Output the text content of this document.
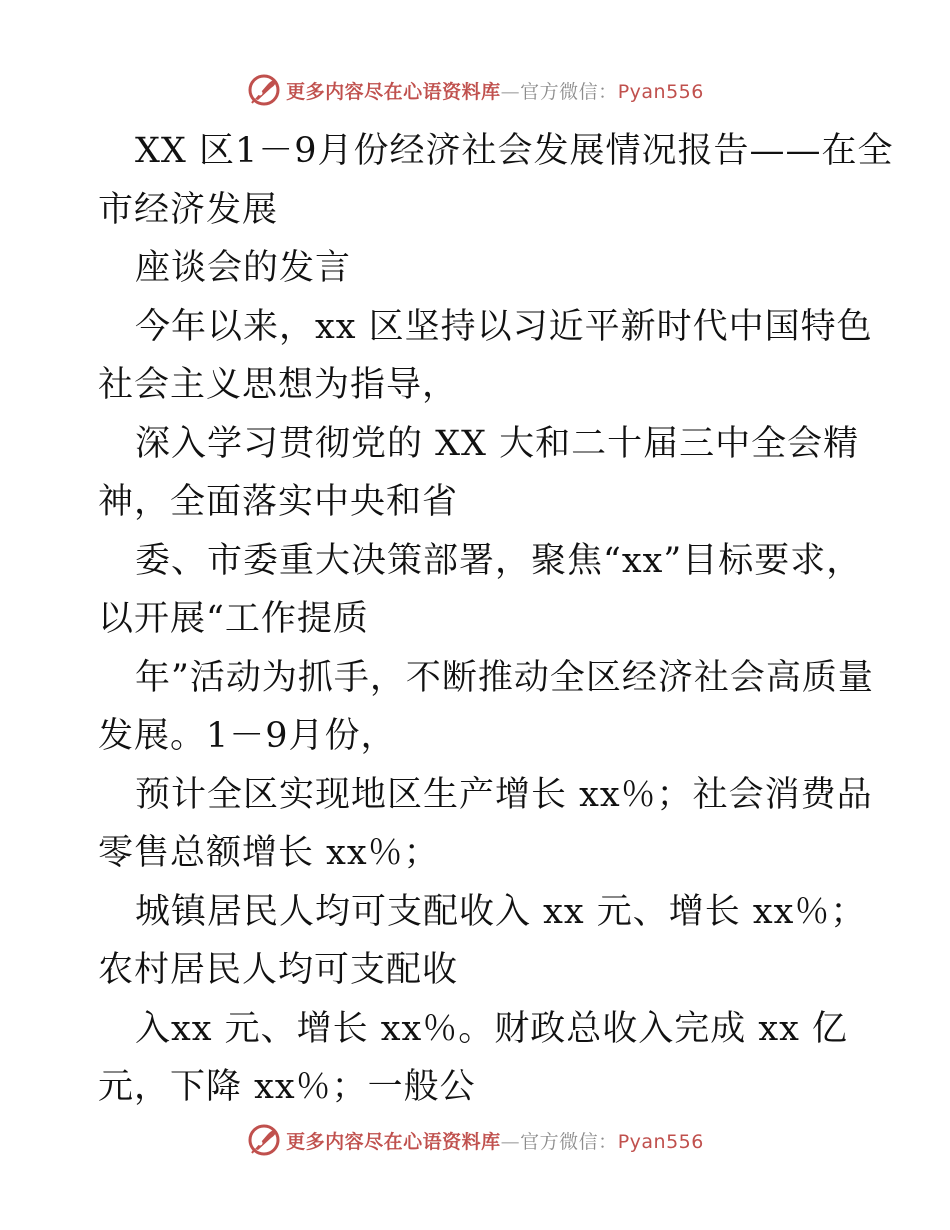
更多内容尽在心语资料库—官方微信：Pyan556
XX 区1－9月份经济社会发展情况报告——在全
市经济发展
座谈会的发言
今年以来，xx 区坚持以习近平新时代中国特色
社会主义思想为指导，
深入学习贯彻党的 XX 大和二十届三中全会精
神，全面落实中央和省
委、市委重大决策部署，聚焦“xx”目标要求，
以开展“工作提质
年”活动为抓手，不断推动全区经济社会高质量
发展。1－9月份，
预计全区实现地区生产增长 xx％；社会消费品
零售总额增长 xx％；
城镇居民人均可支配收入 xx 元、增长 xx％；
农村居民人均可支配收
入xx 元、增长 xx％。财政总收入完成 xx 亿
元，下降 xx％；一般公
更多内容尽在心语资料库—官方微信：Pyan556
